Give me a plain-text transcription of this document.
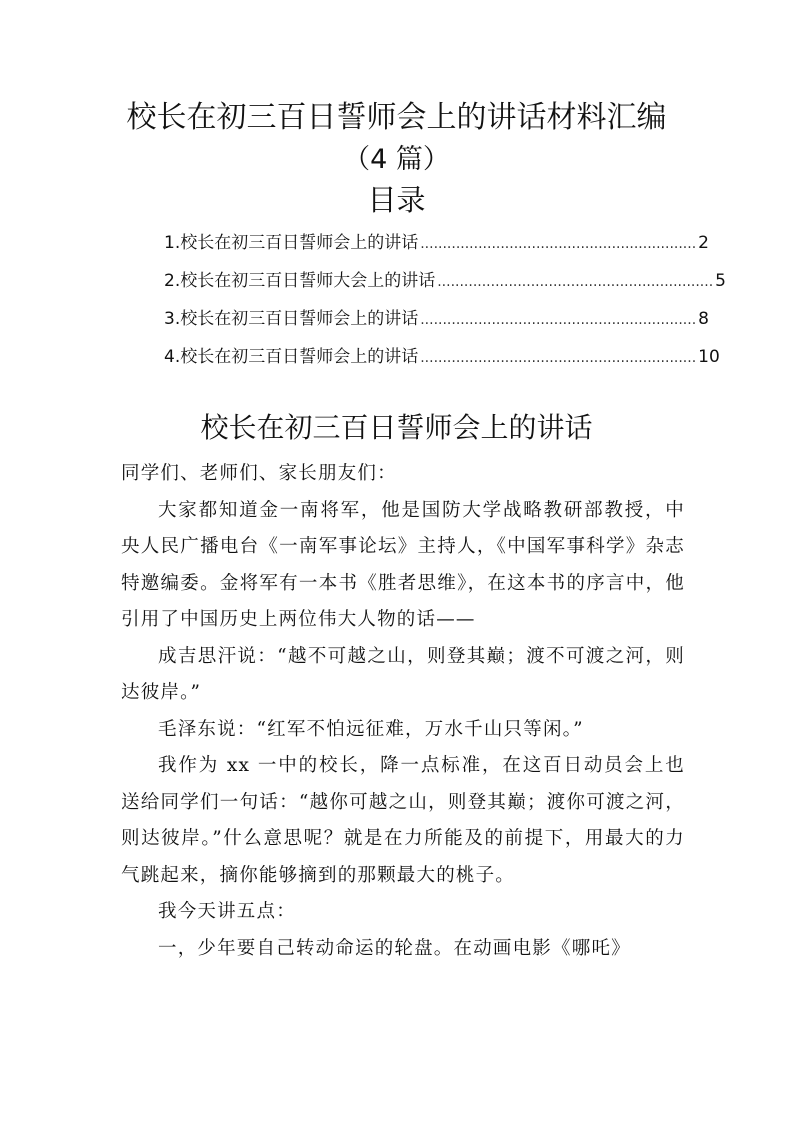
校长在初三百日誓师会上的讲话材料汇编
（4 篇）
目录
1.校长在初三百日誓师会上的讲话 .............................................................. 2
2.校长在初三百日誓师大会上的讲话 .............................................................. 5
3.校长在初三百日誓师会上的讲话 .............................................................. 8
4.校长在初三百日誓师会上的讲话 .............................................................. 10
校长在初三百日誓师会上的讲话

同学们、老师们、家长朋友们：

大家都知道金一南将军，他是国防大学战略教研部教授，中央人民广播电台《一南军事论坛》主持人，《中国军事科学》杂志特邀编委。金将军有一本书《胜者思维》，在这本书的序言中，他引用了中国历史上两位伟大人物的话——

成吉思汗说：“越不可越之山，则登其巅；渡不可渡之河，则达彼岸。”

毛泽东说：“红军不怕远征难，万水千山只等闲。”

我作为 xx 一中的校长，降一点标准，在这百日动员会上也送给同学们一句话：“越你可越之山，则登其巅；渡你可渡之河，则达彼岸。”什么意思呢？就是在力所能及的前提下，用最大的力气跳起来，摘你能够摘到的那颗最大的桃子。

我今天讲五点：

一，少年要自己转动命运的轮盘。在动画电影《哪吒》
